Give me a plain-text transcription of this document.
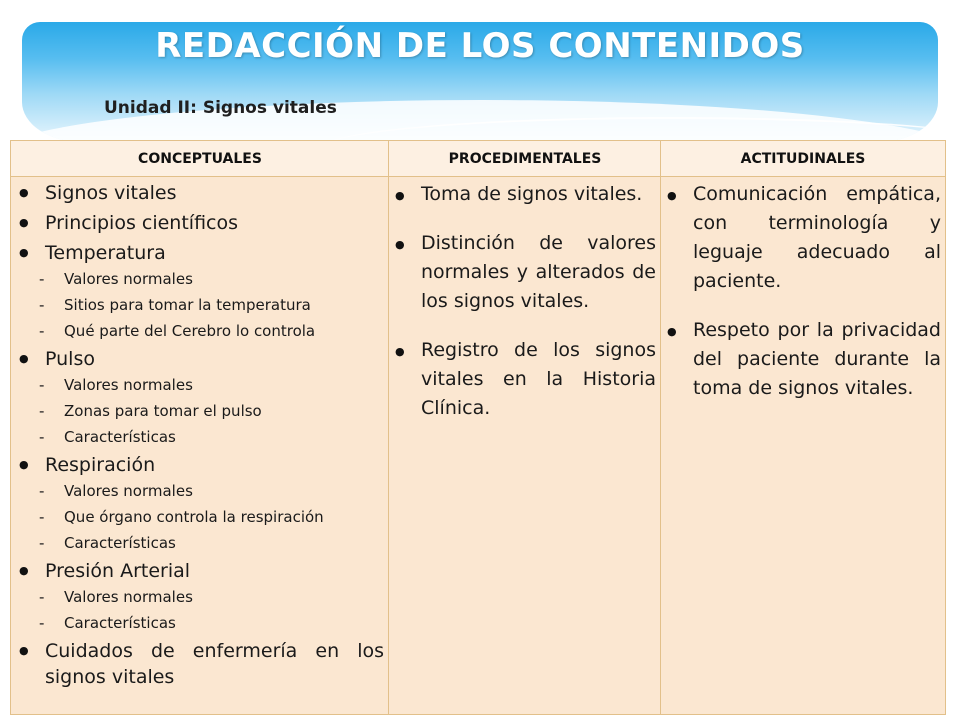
REDACCIÓN DE LOS CONTENIDOS
Unidad II: Signos vitales
CONCEPTUALES	PROCEDIMENTALES	ACTITUDINALES
● Signos vitales
● Principios científicos
● Temperatura
- Valores normales
- Sitios para tomar la temperatura
- Qué parte del Cerebro lo controla
● Pulso
- Valores normales
- Zonas para tomar el pulso
- Características
● Respiración
- Valores normales
- Que órgano controla la respiración
- Características
● Presión Arterial
- Valores normales
- Características
● Cuidados de enfermería en los signos vitales
● Toma de signos vitales.
● Distinción de valores normales y alterados de los signos vitales.
● Registro de los signos vitales en la Historia Clínica.
● Comunicación empática, con terminología y leguaje adecuado al paciente.
● Respeto por la privacidad del paciente durante la toma de signos vitales.
